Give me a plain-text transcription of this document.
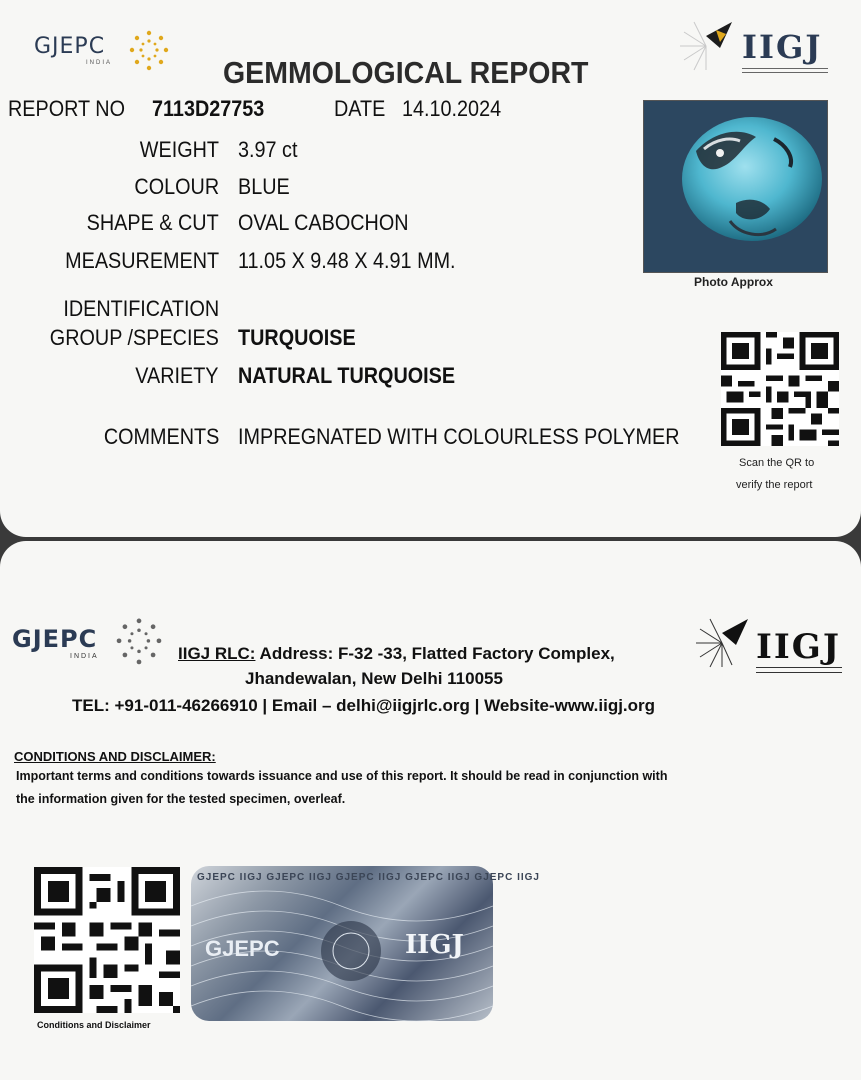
GJEPC
INDIA	IIGJ
GEMMOLOGICAL REPORT
REPORT NO 7113D27753	DATE 14.10.2024
WEIGHT 3.97 ct
COLOUR BLUE
SHAPE & CUT OVAL CABOCHON
MEASUREMENT 11.05 X 9.48 X 4.91 MM.
IDENTIFICATION
GROUP /SPECIES TURQUOISE
VARIETY NATURAL TURQUOISE
COMMENTS IMPREGNATED WITH COLOURLESS POLYMER
Photo Approx
Scan the QR to
verify the report
GJEPC
INDIA	IIGJ
IIGJ RLC: Address: F-32 -33, Flatted Factory Complex,
Jhandewalan, New Delhi 110055
TEL: +91-011-46266910 | Email – delhi@iigjrlc.org | Website-www.iigj.org
CONDITIONS AND DISCLAIMER:
Important terms and conditions towards issuance and use of this report. It should be read in conjunction with
the information given for the tested specimen, overleaf.
Conditions and Disclaimer
GJEPC IIGJ GJEPC IIGJ GJEPC IIGJ GJEPC IIGJ GJEPC IIGJ
GJEPC	IIGJ
